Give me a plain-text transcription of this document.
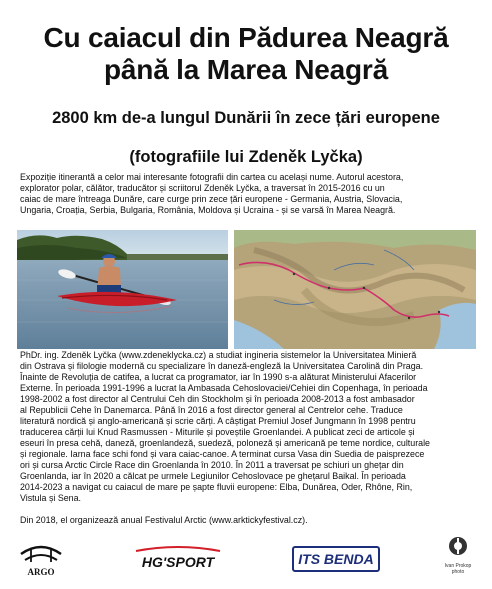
Cu caiacul din Pădurea Neagră
până la Marea Neagră
2800 km de-a lungul Dunării în zece țări europene
(fotografiile lui Zdeněk Lyčka)
Expoziție itinerantă a celor mai interesante fotografii din cartea cu același nume. Autorul acestora,
explorator polar, călător, traducător și scriitorul Zdeněk Lyčka, a traversat în 2015-2016 cu un
caiac de mare întreaga Dunăre, care curge prin zece țări europene - Germania, Austria, Slovacia,
Ungaria, Croația, Serbia, Bulgaria, România, Moldova și Ucraina - și se varsă în Marea Neagră.
PhDr. ing. Zdeněk Lyčka (www.zdeneklycka.cz) a studiat ingineria sistemelor la Universitatea Minieră
din Ostrava și filologie modernă cu specializare în daneză-engleză la Universitatea Carolină din Praga.
Înainte de Revoluția de catifea, a lucrat ca programator, iar în 1990 s-a alăturat Ministerului Afacerilor
Externe. În perioada 1991-1996 a lucrat la Ambasada Cehoslovaciei/Cehiei din Copenhaga, în perioada
1998-2002 a fost director al Centrului Ceh din Stockholm și în perioada 2008-2013 a fost ambasador
al Republicii Cehe în Danemarca. Până în 2016 a fost director general al Centrelor cehe. Traduce
literatură nordică și anglo-americană și scrie cărți. A câștigat Premiul Josef Jungmann în 1998 pentru
traducerea cărții lui Knud Rasmussen - Miturile și poveștile Groenlandei. A publicat zeci de articole și
eseuri în presa cehă, daneză, groenlandeză, suedeză, poloneză și americană pe teme nordice, culturale
și regionale. Iarna face schi fond și vara caiac-canoe. A terminat cursa Vasa din Suedia de paisprezece
ori și cursa Arctic Circle Race din Groenlanda în 2010. În 2011 a traversat pe schiuri un ghețar din
Groenlanda, iar în 2020 a călcat pe urmele Legiunilor Cehoslovace pe ghețarul Baikal. În perioada
2014-2023 a navigat cu caiacul de mare pe șapte fluvii europene: Elba, Dunărea, Oder, Rhône, Rin,
Vistula și Sena.
Din 2018, el organizează anual Festivalul Arctic (www.arktickyfestival.cz).
ARGO
HG'SPORT	ITS BENDA	Ivan Prokop
photo
